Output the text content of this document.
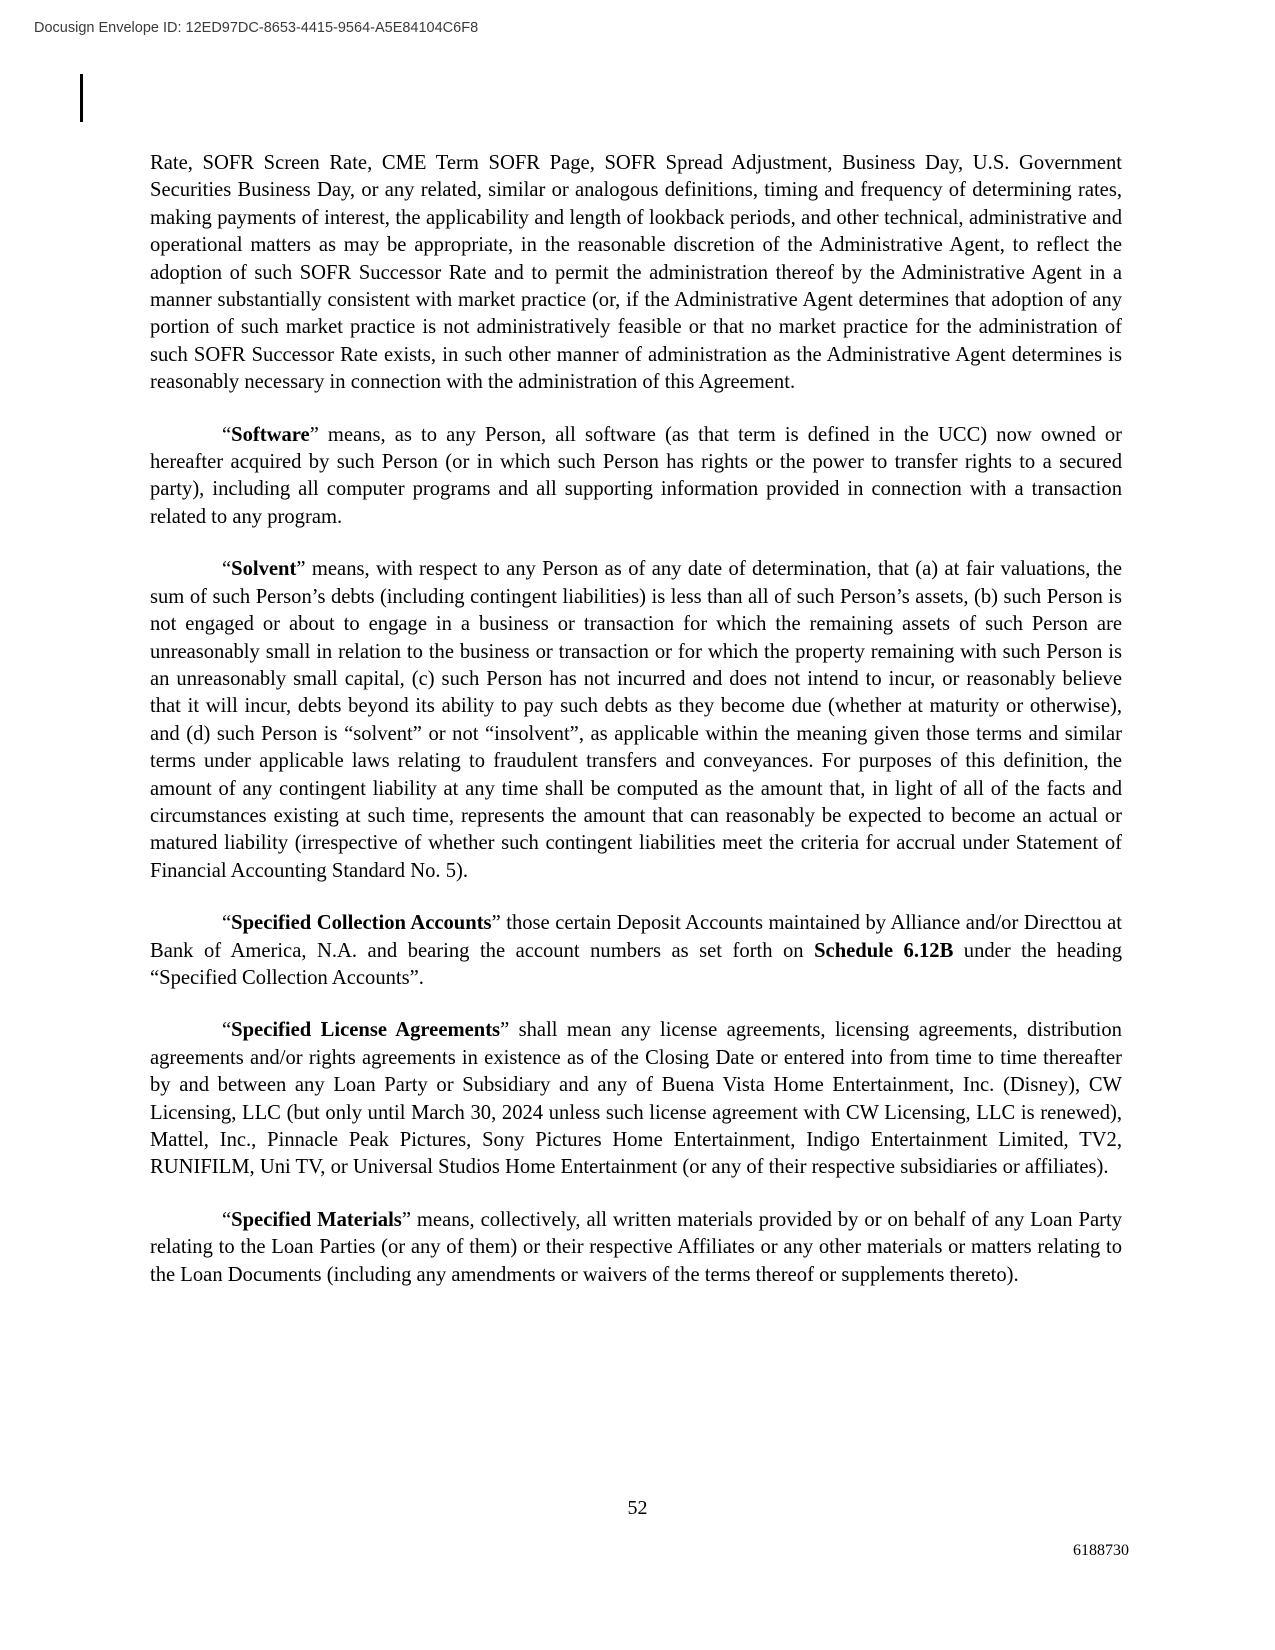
Docusign Envelope ID: 12ED97DC-8653-4415-9564-A5E84104C6F8

Rate, SOFR Screen Rate, CME Term SOFR Page, SOFR Spread Adjustment, Business Day, U.S. Government Securities Business Day, or any related, similar or analogous definitions, timing and frequency of determining rates, making payments of interest, the applicability and length of lookback periods, and other technical, administrative and operational matters as may be appropriate, in the reasonable discretion of the Administrative Agent, to reflect the adoption of such SOFR Successor Rate and to permit the administration thereof by the Administrative Agent in a manner substantially consistent with market practice (or, if the Administrative Agent determines that adoption of any portion of such market practice is not administratively feasible or that no market practice for the administration of such SOFR Successor Rate exists, in such other manner of administration as the Administrative Agent determines is reasonably necessary in connection with the administration of this Agreement.

“Software” means, as to any Person, all software (as that term is defined in the UCC) now owned or hereafter acquired by such Person (or in which such Person has rights or the power to transfer rights to a secured party), including all computer programs and all supporting information provided in connection with a transaction related to any program.

“Solvent” means, with respect to any Person as of any date of determination, that (a) at fair valuations, the sum of such Person’s debts (including contingent liabilities) is less than all of such Person’s assets, (b) such Person is not engaged or about to engage in a business or transaction for which the remaining assets of such Person are unreasonably small in relation to the business or transaction or for which the property remaining with such Person is an unreasonably small capital, (c) such Person has not incurred and does not intend to incur, or reasonably believe that it will incur, debts beyond its ability to pay such debts as they become due (whether at maturity or otherwise), and (d) such Person is “solvent” or not “insolvent”, as applicable within the meaning given those terms and similar terms under applicable laws relating to fraudulent transfers and conveyances. For purposes of this definition, the amount of any contingent liability at any time shall be computed as the amount that, in light of all of the facts and circumstances existing at such time, represents the amount that can reasonably be expected to become an actual or matured liability (irrespective of whether such contingent liabilities meet the criteria for accrual under Statement of Financial Accounting Standard No. 5).

“Specified Collection Accounts” those certain Deposit Accounts maintained by Alliance and/or Directtou at Bank of America, N.A. and bearing the account numbers as set forth on Schedule 6.12B under the heading “Specified Collection Accounts”.

“Specified License Agreements” shall mean any license agreements, licensing agreements, distribution agreements and/or rights agreements in existence as of the Closing Date or entered into from time to time thereafter by and between any Loan Party or Subsidiary and any of Buena Vista Home Entertainment, Inc. (Disney), CW Licensing, LLC (but only until March 30, 2024 unless such license agreement with CW Licensing, LLC is renewed), Mattel, Inc., Pinnacle Peak Pictures, Sony Pictures Home Entertainment, Indigo Entertainment Limited, TV2, RUNIFILM, Uni TV, or Universal Studios Home Entertainment (or any of their respective subsidiaries or affiliates).

“Specified Materials” means, collectively, all written materials provided by or on behalf of any Loan Party relating to the Loan Parties (or any of them) or their respective Affiliates or any other materials or matters relating to the Loan Documents (including any amendments or waivers of the terms thereof or supplements thereto).

52
6188730
